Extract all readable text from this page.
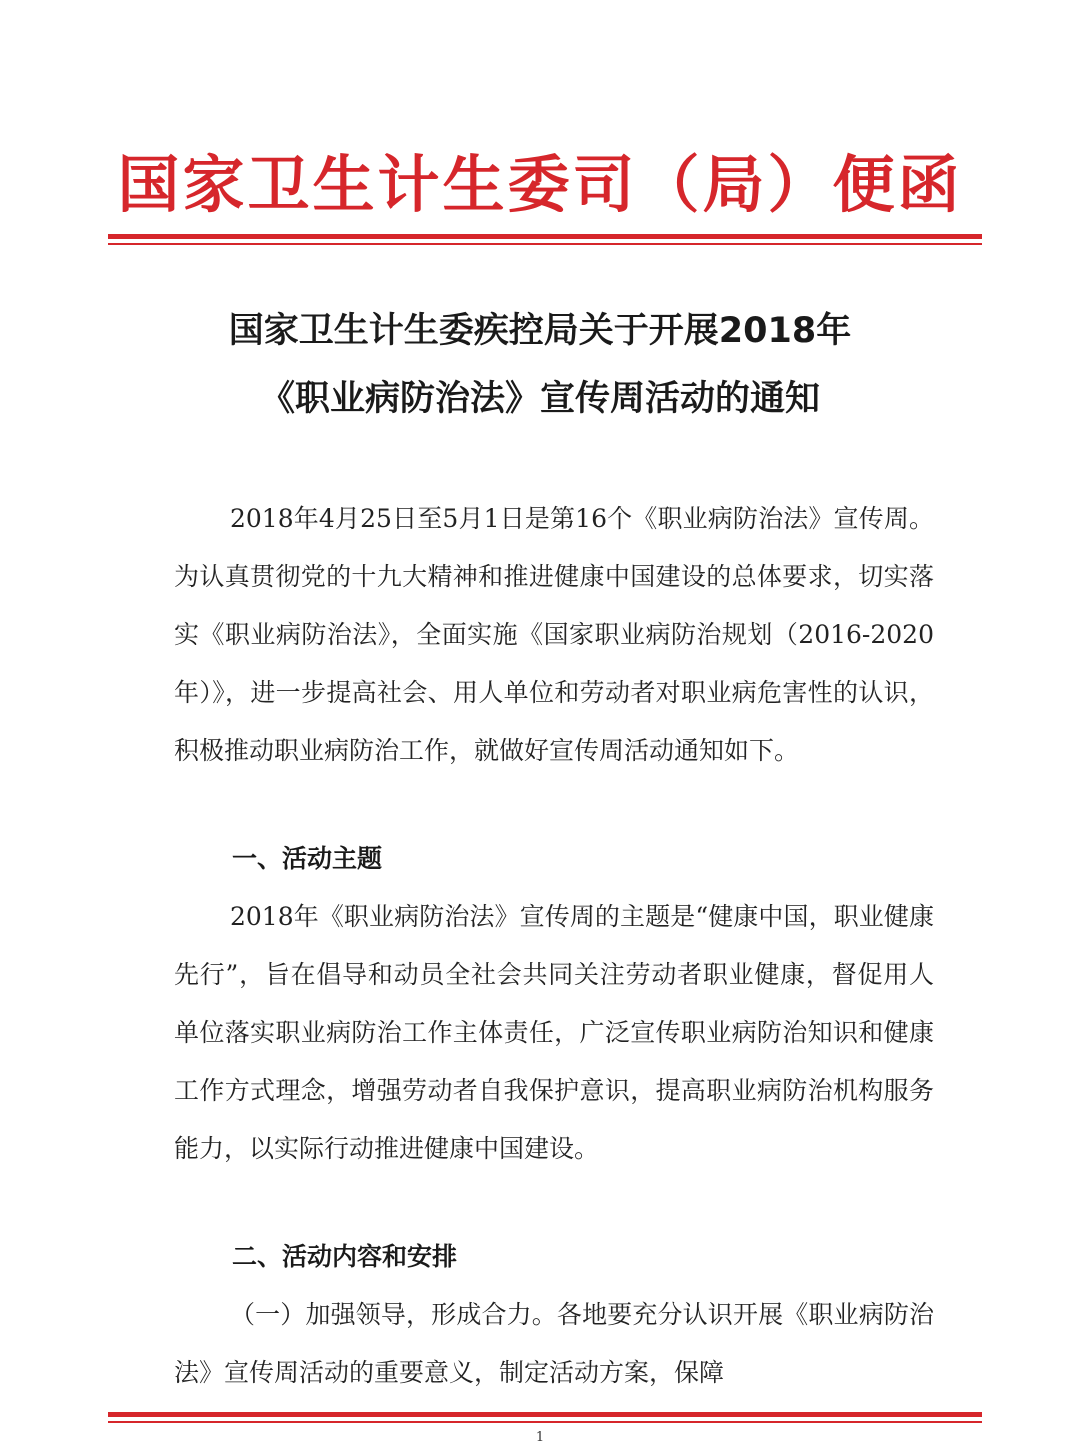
国家卫生计生委司（局）便函
国家卫生计生委疾控局关于开展2018年
《职业病防治法》宣传周活动的通知

2018年4月25日至5月1日是第16个《职业病防治法》宣传周。为认真贯彻党的十九大精神和推进健康中国建设的总体要求，切实落实《职业病防治法》，全面实施《国家职业病防治规划（2016-2020年）》，进一步提高社会、用人单位和劳动者对职业病危害性的认识，积极推动职业病防治工作，就做好宣传周活动通知如下。

一、活动主题

2018年《职业病防治法》宣传周的主题是“健康中国，职业健康先行”，旨在倡导和动员全社会共同关注劳动者职业健康，督促用人单位落实职业病防治工作主体责任，广泛宣传职业病防治知识和健康工作方式理念，增强劳动者自我保护意识，提高职业病防治机构服务能力，以实际行动推进健康中国建设。

二、活动内容和安排

（一）加强领导，形成合力。各地要充分认识开展《职业病防治法》宣传周活动的重要意义，制定活动方案，保障

1
